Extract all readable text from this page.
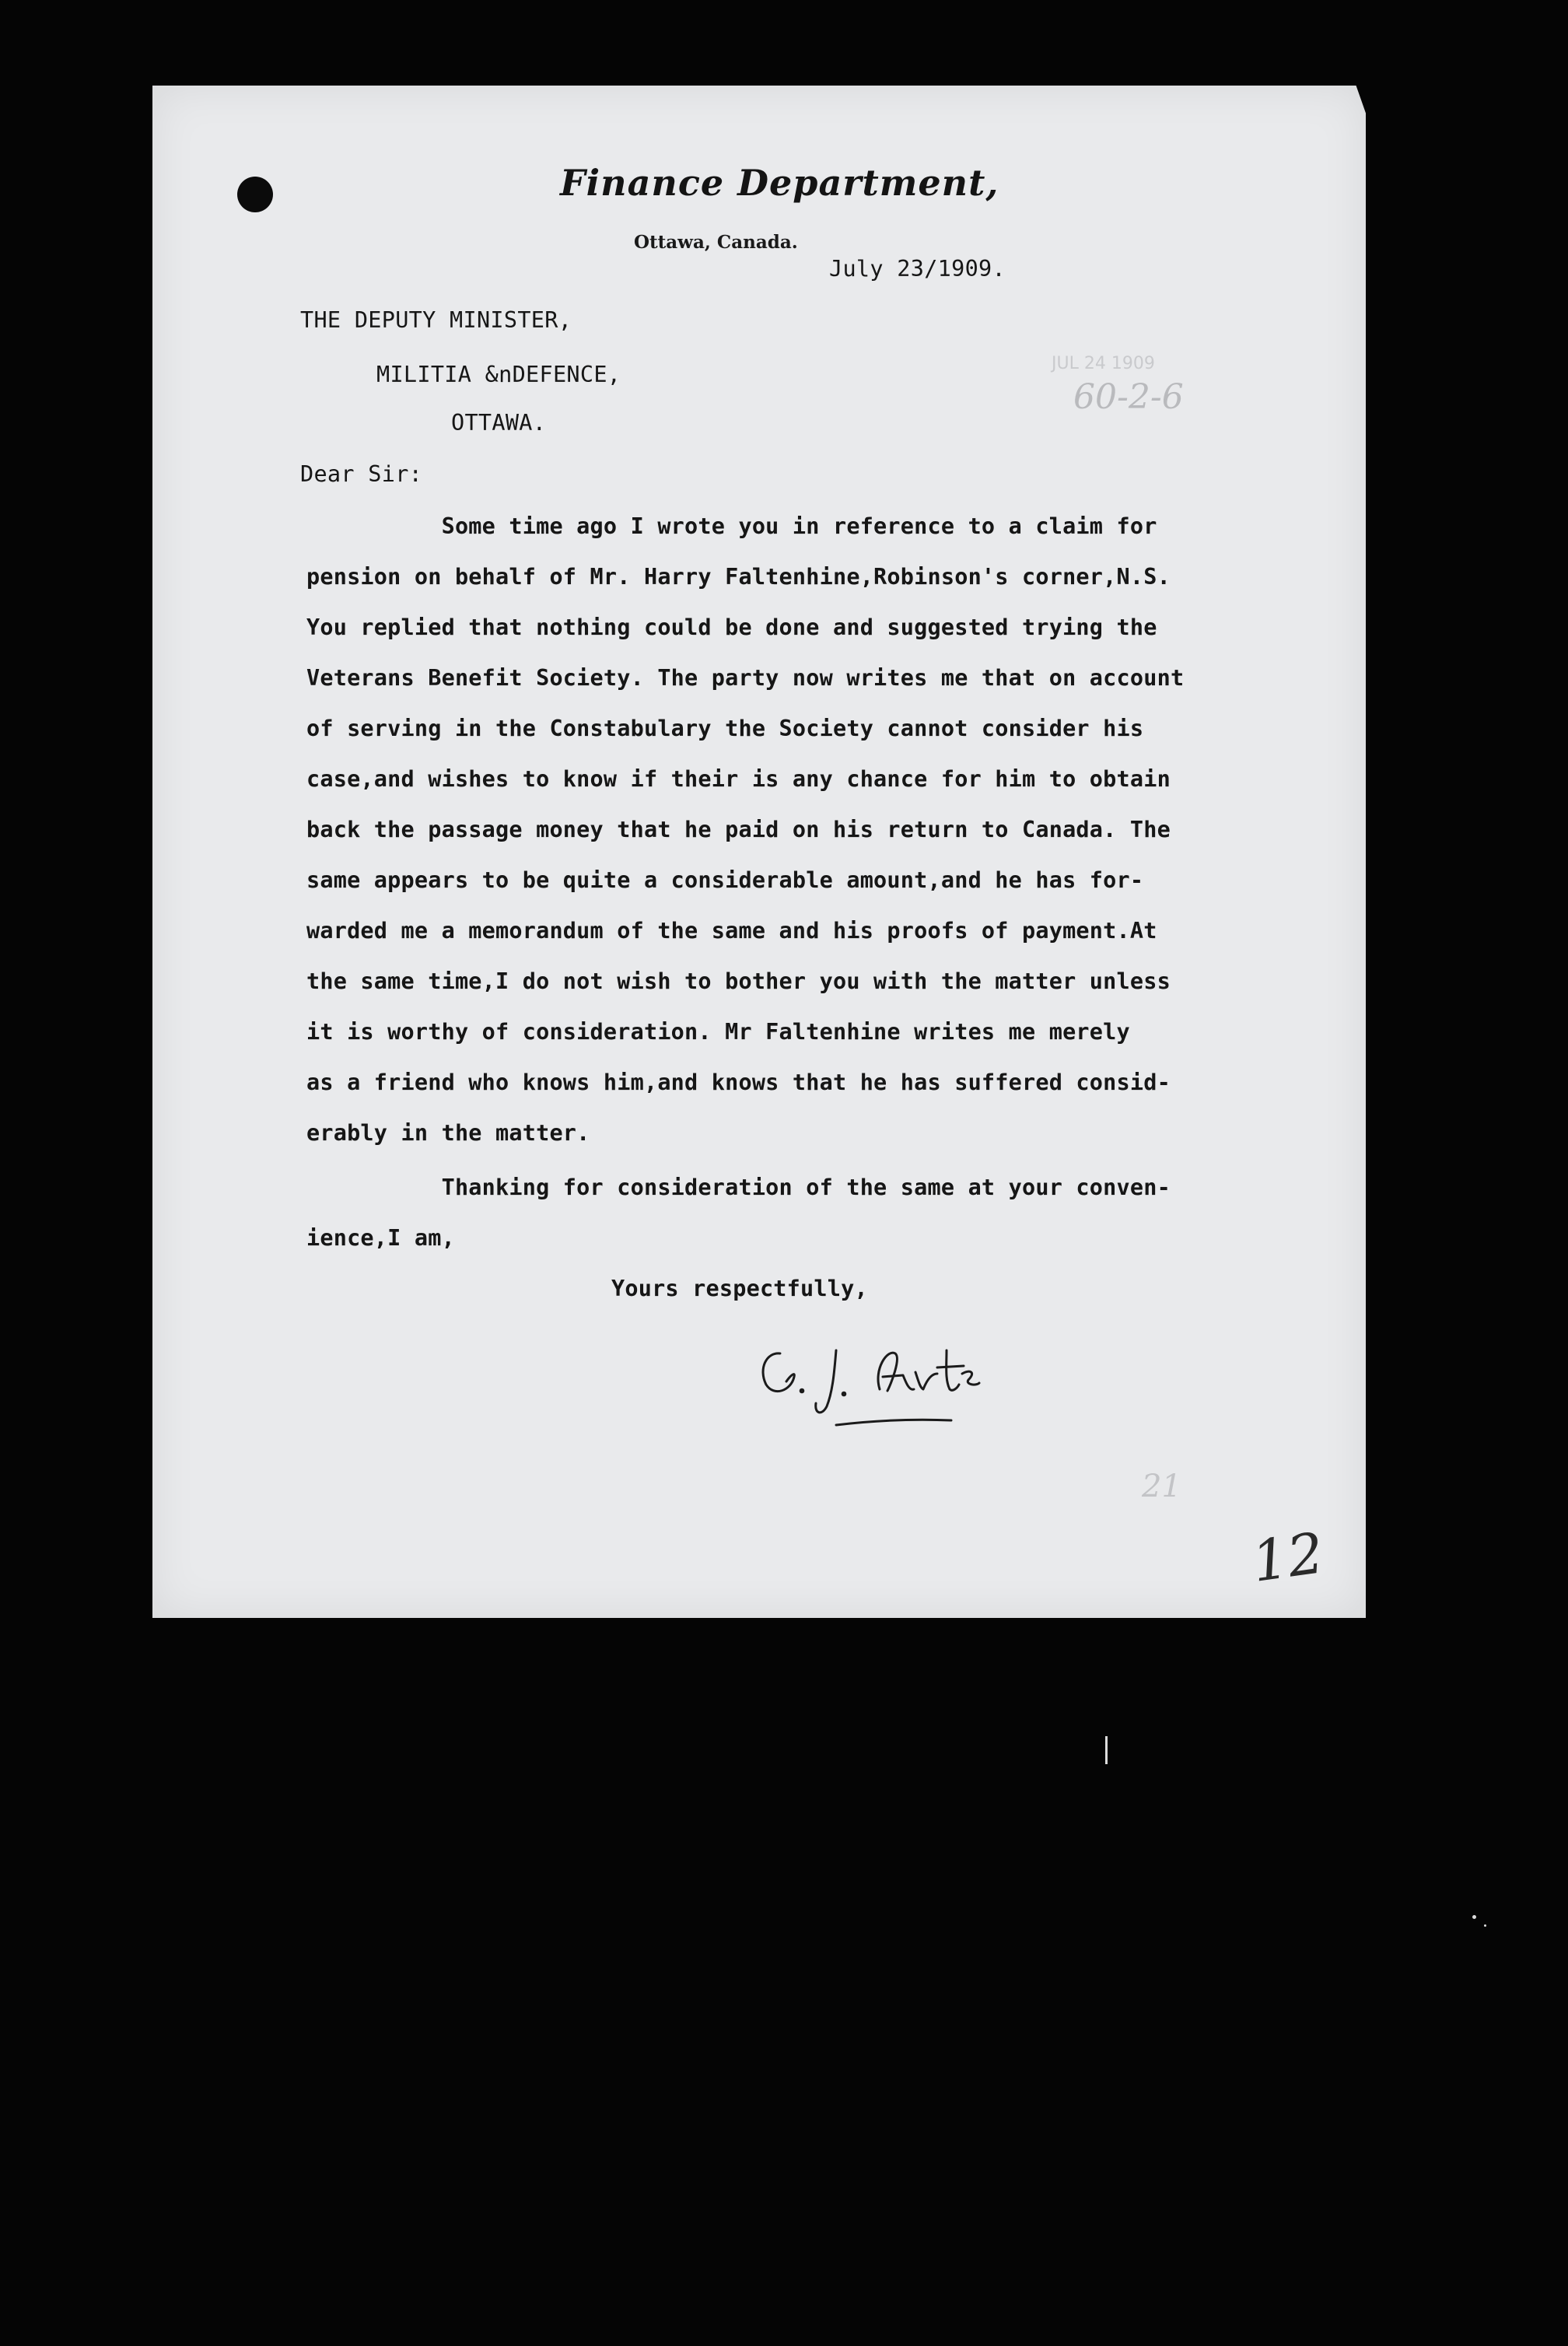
Finance Department,
Ottawa, Canada.
July 23/1909.
THE DEPUTY MINISTER,
MILITIA &nDEFENCE,
OTTAWA.
JUL 24 1909
60-2-6
Dear Sir:
Some time ago I wrote you in reference to a claim for
pension on behalf of Mr. Harry Faltenhine,Robinson's corner,N.S.
You replied that nothing could be done and suggested trying the
Veterans Benefit Society. The party now writes me that on account
of serving in the Constabulary the Society cannot consider his
case,and wishes to know if their is any chance for him to obtain
back the passage money that he paid on his return to Canada. The
same appears to be quite a considerable amount,and he has for-
warded me a memorandum of the same and his proofs of payment.At
the same time,I do not wish to bother you with the matter unless
it is worthy of consideration. Mr Faltenhine writes me merely
as a friend who knows him,and knows that he has suffered consid-
erably in the matter.
Thanking for consideration of the same at your conven-
ience,I am,
Yours respectfully,
21
12
